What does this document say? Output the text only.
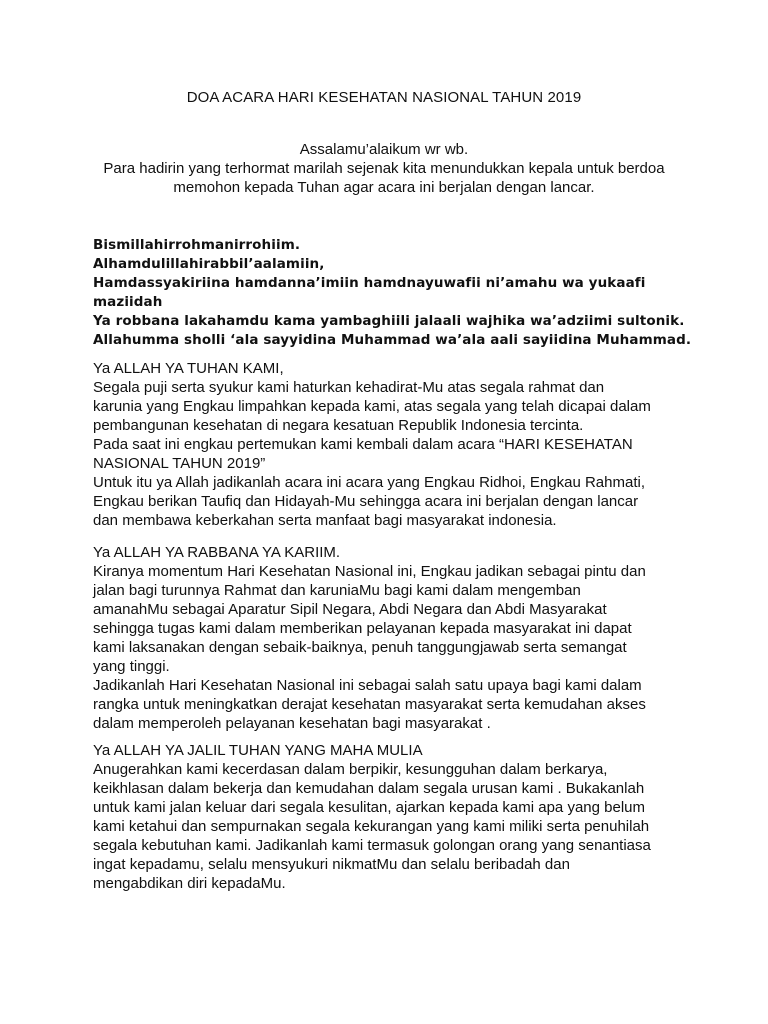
DOA ACARA HARI KESEHATAN NASIONAL TAHUN 2019
Assalamu’alaikum wr wb.
Para hadirin yang terhormat marilah sejenak kita menundukkan kepala untuk berdoa
memohon kepada Tuhan agar acara ini berjalan dengan lancar.
Bismillahirrohmanirrohiim.
Alhamdulillahirabbil’aalamiin,
Hamdassyakiriina hamdanna’imiin hamdnayuwafii ni’amahu wa yukaafi
maziidah
Ya robbana lakahamdu kama yambaghiili jalaali wajhika wa’adziimi sultonik.
Allahumma sholli ‘ala sayyidina Muhammad wa’ala aali sayiidina Muhammad.
Ya ALLAH YA TUHAN KAMI,
Segala puji serta syukur kami haturkan kehadirat-Mu atas segala rahmat dan
karunia yang Engkau limpahkan kepada kami, atas segala yang telah dicapai dalam
pembangunan kesehatan di negara kesatuan Republik Indonesia tercinta.
Pada saat ini engkau pertemukan kami kembali dalam acara “HARI KESEHATAN
NASIONAL TAHUN 2019”
Untuk itu ya Allah jadikanlah acara ini acara yang Engkau Ridhoi, Engkau Rahmati,
Engkau berikan Taufiq dan Hidayah-Mu sehingga acara ini berjalan dengan lancar
dan membawa keberkahan serta manfaat bagi masyarakat indonesia.
Ya ALLAH YA RABBANA YA KARIIM.
Kiranya momentum Hari Kesehatan Nasional ini, Engkau jadikan sebagai pintu dan
jalan bagi turunnya Rahmat dan karuniaMu bagi kami dalam mengemban
amanahMu sebagai Aparatur Sipil Negara, Abdi Negara dan Abdi Masyarakat
sehingga tugas kami dalam memberikan pelayanan kepada masyarakat ini dapat
kami laksanakan dengan sebaik-baiknya, penuh tanggungjawab serta semangat
yang tinggi.
Jadikanlah Hari Kesehatan Nasional ini sebagai salah satu upaya bagi kami dalam
rangka untuk meningkatkan derajat kesehatan masyarakat serta kemudahan akses
dalam memperoleh pelayanan kesehatan bagi masyarakat .
Ya ALLAH YA JALIL TUHAN YANG MAHA MULIA
Anugerahkan kami kecerdasan dalam berpikir, kesungguhan dalam berkarya,
keikhlasan dalam bekerja dan kemudahan dalam segala urusan kami . Bukakanlah
untuk kami jalan keluar dari segala kesulitan, ajarkan kepada kami apa yang belum
kami ketahui dan sempurnakan segala kekurangan yang kami miliki serta penuhilah
segala kebutuhan kami. Jadikanlah kami termasuk golongan orang yang senantiasa
ingat kepadamu, selalu mensyukuri nikmatMu dan selalu beribadah dan
mengabdikan diri kepadaMu.
